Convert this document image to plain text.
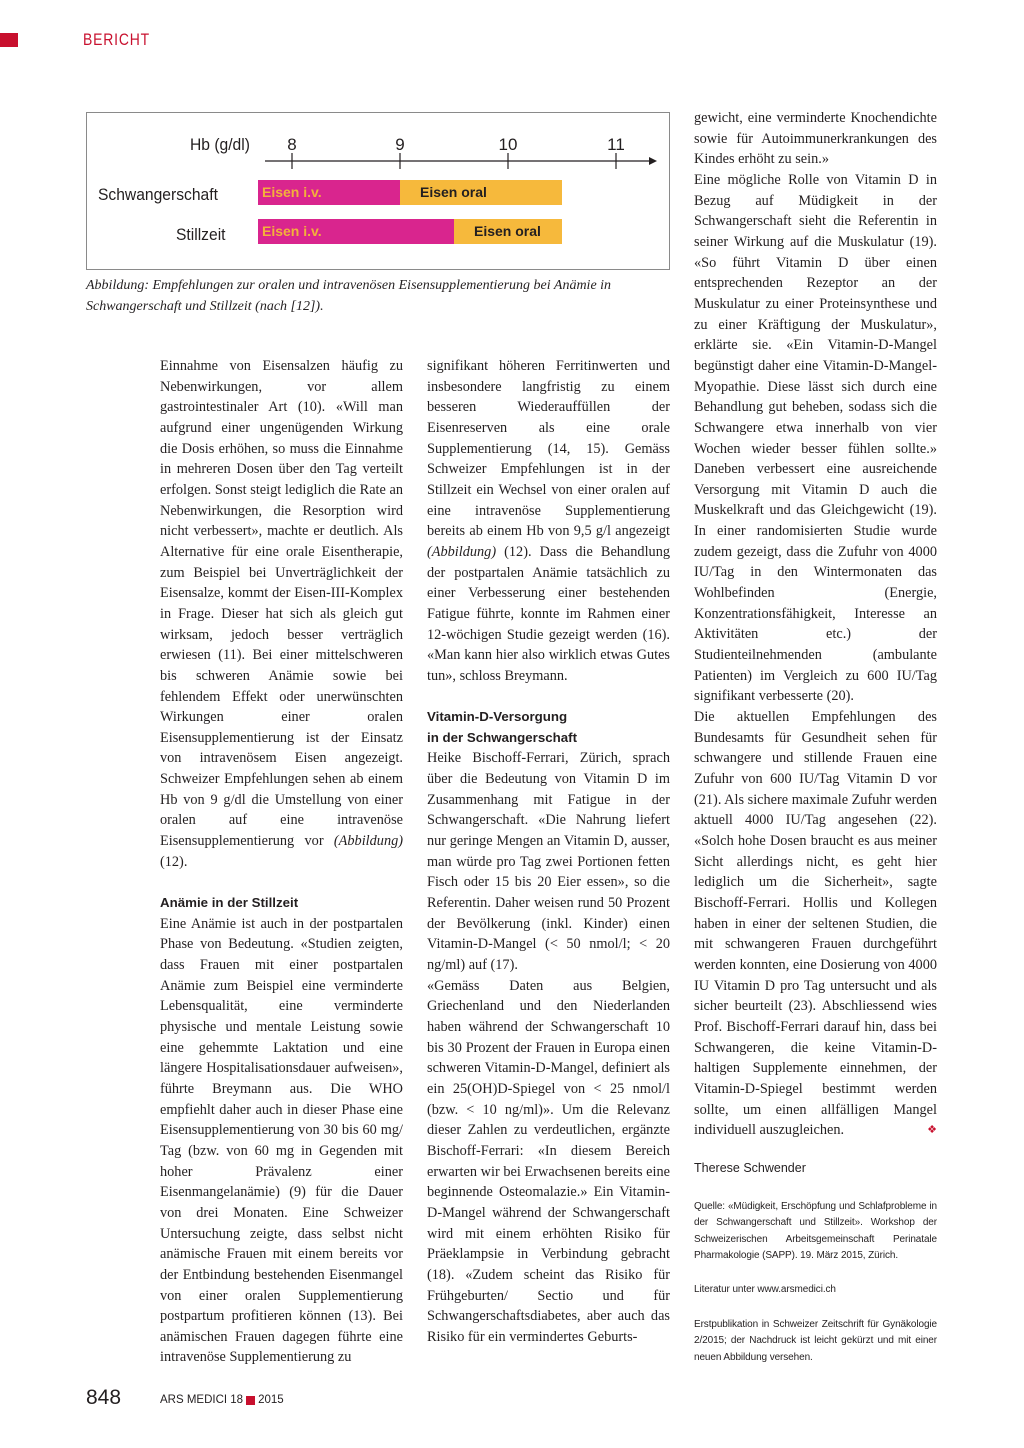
BERICHT
Hb (g/dl) 8	9	10	11
Schwangerschaft
Stillzeit
Eisen i.v.	Eisen oral
Eisen i.v.	Eisen oral
Abbildung: Empfehlungen zur oralen und intravenösen Eisensupplementierung bei Anämie in Schwangerschaft und Stillzeit (nach [12]).

Einnahme von Eisensalzen häufig zu Nebenwirkungen, vor allem gastrointestinaler Art (10). «Will man aufgrund einer ungenügenden Wirkung die Dosis erhöhen, so muss die Einnahme in mehreren Dosen über den Tag verteilt erfolgen. Sonst steigt lediglich die Rate an Nebenwirkungen, die Resorption wird nicht verbessert», machte er deutlich. Als Alternative für eine orale Eisentherapie, zum Beispiel bei Unverträglichkeit der Eisensalze, kommt der Eisen-III-Komplex in Frage. Dieser hat sich als gleich gut wirksam, jedoch besser verträglich erwiesen (11). Bei einer mittelschweren bis schweren Anämie sowie bei fehlendem Effekt oder unerwünschten Wirkungen einer oralen Eisensupplementierung ist der Einsatz von intravenösem Eisen angezeigt. Schweizer Empfehlungen sehen ab einem Hb von 9 g/dl die Umstellung von einer oralen auf eine intravenöse Eisensupplementierung vor (Abbildung) (12).

Anämie in der Stillzeit

Eine Anämie ist auch in der postpartalen Phase von Bedeutung. «Studien zeigten, dass Frauen mit einer postpartalen Anämie zum Beispiel eine verminderte Lebensqualität, eine verminderte physische und mentale Leistung sowie eine gehemmte Laktation und eine längere Hospitalisationsdauer aufweisen», führte Breymann aus. Die WHO empfiehlt daher auch in dieser Phase eine Eisensupplementierung von 30 bis 60 mg/ Tag (bzw. von 60 mg in Gegenden mit hoher Prävalenz einer Eisenmangelanämie) (9) für die Dauer von drei Monaten. Eine Schweizer Untersuchung zeigte, dass selbst nicht anämische Frauen mit einem bereits vor der Entbindung bestehenden Eisenmangel von einer oralen Supplementierung postpartum profitieren können (13). Bei anämischen Frauen dagegen führte eine intravenöse Supplementierung zu

signifikant höheren Ferritinwerten und insbesondere langfristig zu einem besseren Wiederauffüllen der Eisenreserven als eine orale Supplementierung (14, 15). Gemäss Schweizer Empfehlungen ist in der Stillzeit ein Wechsel von einer oralen auf eine intravenöse Supplementierung bereits ab einem Hb von 9,5 g/l angezeigt (Abbildung) (12). Dass die Behandlung der postpartalen Anämie tatsächlich zu einer Verbesserung einer bestehenden Fatigue führte, konnte im Rahmen einer 12-wöchigen Studie gezeigt werden (16). «Man kann hier also wirklich etwas Gutes tun», schloss Breymann.

Vitamin-D-Versorgung
in der Schwangerschaft

Heike Bischoff-Ferrari, Zürich, sprach über die Bedeutung von Vitamin D im Zusammenhang mit Fatigue in der Schwangerschaft. «Die Nahrung liefert nur geringe Mengen an Vitamin D, ausser, man würde pro Tag zwei Portionen fetten Fisch oder 15 bis 20 Eier essen», so die Referentin. Daher weisen rund 50 Prozent der Bevölkerung (inkl. Kinder) einen Vitamin-D-Mangel (< 50 nmol/l; < 20 ng/ml) auf (17).

«Gemäss Daten aus Belgien, Griechenland und den Niederlanden haben während der Schwangerschaft 10 bis 30 Prozent der Frauen in Europa einen schweren Vitamin-D-Mangel, definiert als ein 25(OH)D-Spiegel von < 25 nmol/l (bzw. < 10 ng/ml)». Um die Relevanz dieser Zahlen zu verdeutlichen, ergänzte Bischoff-Ferrari: «In diesem Bereich erwarten wir bei Erwachsenen bereits eine beginnende Osteomalazie.» Ein Vitamin-D-Mangel während der Schwangerschaft wird mit einem erhöhten Risiko für Präeklampsie in Verbindung gebracht (18). «Zudem scheint das Risiko für Frühgeburten/ Sectio und für Schwangerschaftsdiabetes, aber auch das Risiko für ein vermindertes Geburts-

gewicht, eine verminderte Knochendichte sowie für Autoimmunerkrankungen des Kindes erhöht zu sein.»

Eine mögliche Rolle von Vitamin D in Bezug auf Müdigkeit in der Schwangerschaft sieht die Referentin in seiner Wirkung auf die Muskulatur (19). «So führt Vitamin D über einen entsprechenden Rezeptor an der Muskulatur zu einer Proteinsynthese und zu einer Kräftigung der Muskulatur», erklärte sie. «Ein Vitamin-D-Mangel begünstigt daher eine Vitamin-D-Mangel-Myopathie. Diese lässt sich durch eine Behandlung gut beheben, sodass sich die Schwangere etwa innerhalb von vier Wochen wieder besser fühlen sollte.» Daneben verbessert eine ausreichende Versorgung mit Vitamin D auch die Muskelkraft und das Gleichgewicht (19). In einer randomisierten Studie wurde zudem gezeigt, dass die Zufuhr von 4000 IU/Tag in den Wintermonaten das Wohlbefinden (Energie, Konzentrationsfähigkeit, Interesse an Aktivitäten etc.) der Studienteilnehmenden (ambulante Patienten) im Vergleich zu 600 IU/Tag signifikant verbesserte (20).

Die aktuellen Empfehlungen des Bundesamts für Gesundheit sehen für schwangere und stillende Frauen eine Zufuhr von 600 IU/Tag Vitamin D vor (21). Als sichere maximale Zufuhr werden aktuell 4000 IU/Tag angesehen (22). «Solch hohe Dosen braucht es aus meiner Sicht allerdings nicht, es geht hier lediglich um die Sicherheit», sagte Bischoff-Ferrari. Hollis und Kollegen haben in einer der seltenen Studien, die mit schwangeren Frauen durchgeführt werden konnten, eine Dosierung von 4000 IU Vitamin D pro Tag untersucht und als sicher beurteilt (23). Abschliessend wies Prof. Bischoff-Ferrari darauf hin, dass bei Schwangeren, die keine Vitamin-D-haltigen Supplemente einnehmen, der Vitamin-D-Spiegel bestimmt werden sollte, um einen allfälligen Mangel individuell auszugleichen.	❖

Therese Schwender
Quelle: «Müdigkeit, Erschöpfung und Schlafprobleme in der Schwangerschaft und Stillzeit». Workshop der Schweizerischen Arbeitsgemeinschaft Perinatale Pharmakologie (SAPP). 19. März 2015, Zürich.
Literatur unter www.arsmedici.ch
Erstpublikation in Schweizer Zeitschrift für Gynäkologie 2/2015; der Nachdruck ist leicht gekürzt und mit einer neuen Abbildung versehen.
848	ARS MEDICI 18 2015
